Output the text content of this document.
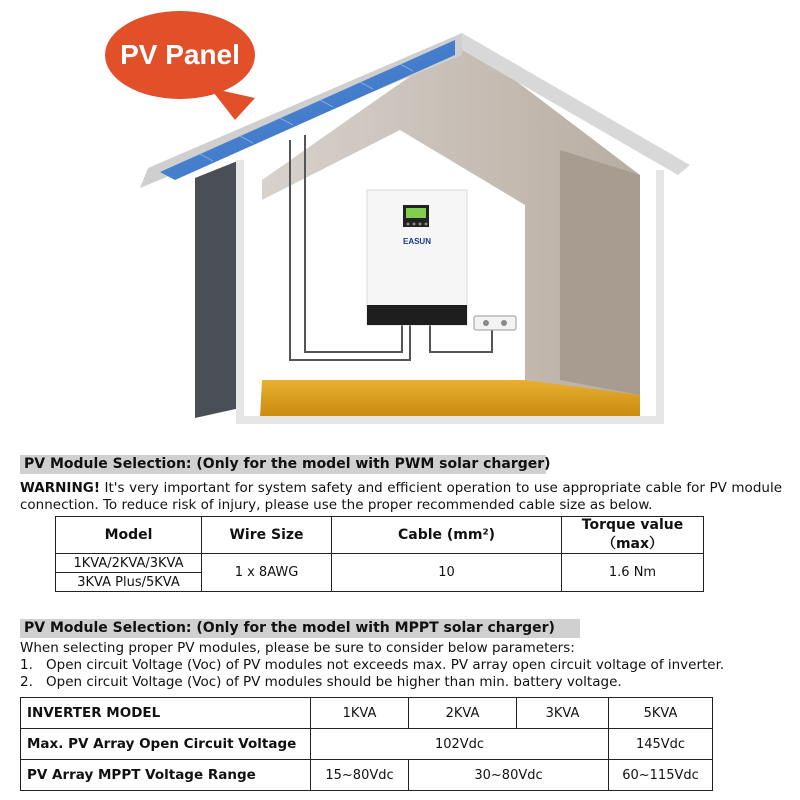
EASUN
PV Panel
PV Module Selection: (Only for the model with PWM solar charger)
WARNING! It's very important for system safety and efficient operation to use appropriate cable for PV module connection. To reduce risk of injury, please use the proper recommended cable size as below.
Model	Wire Size	Cable (mm²)	Torque value（max）
1KVA/2KVA/3KVA	1 x 8AWG	10	1.6 Nm
3KVA Plus/5KVA			
PV Module Selection: (Only for the model with MPPT solar charger)
When selecting proper PV modules, please be sure to consider below parameters:
1. Open circuit Voltage (Voc) of PV modules not exceeds max. PV array open circuit voltage of inverter.
2. Open circuit Voltage (Voc) of PV modules should be higher than min. battery voltage.
INVERTER MODEL	1KVA	2KVA	3KVA	5KVA
Max. PV Array Open Circuit Voltage	102Vdc			145Vdc
PV Array MPPT Voltage Range	15~80Vdc	30~80Vdc		60~115Vdc
